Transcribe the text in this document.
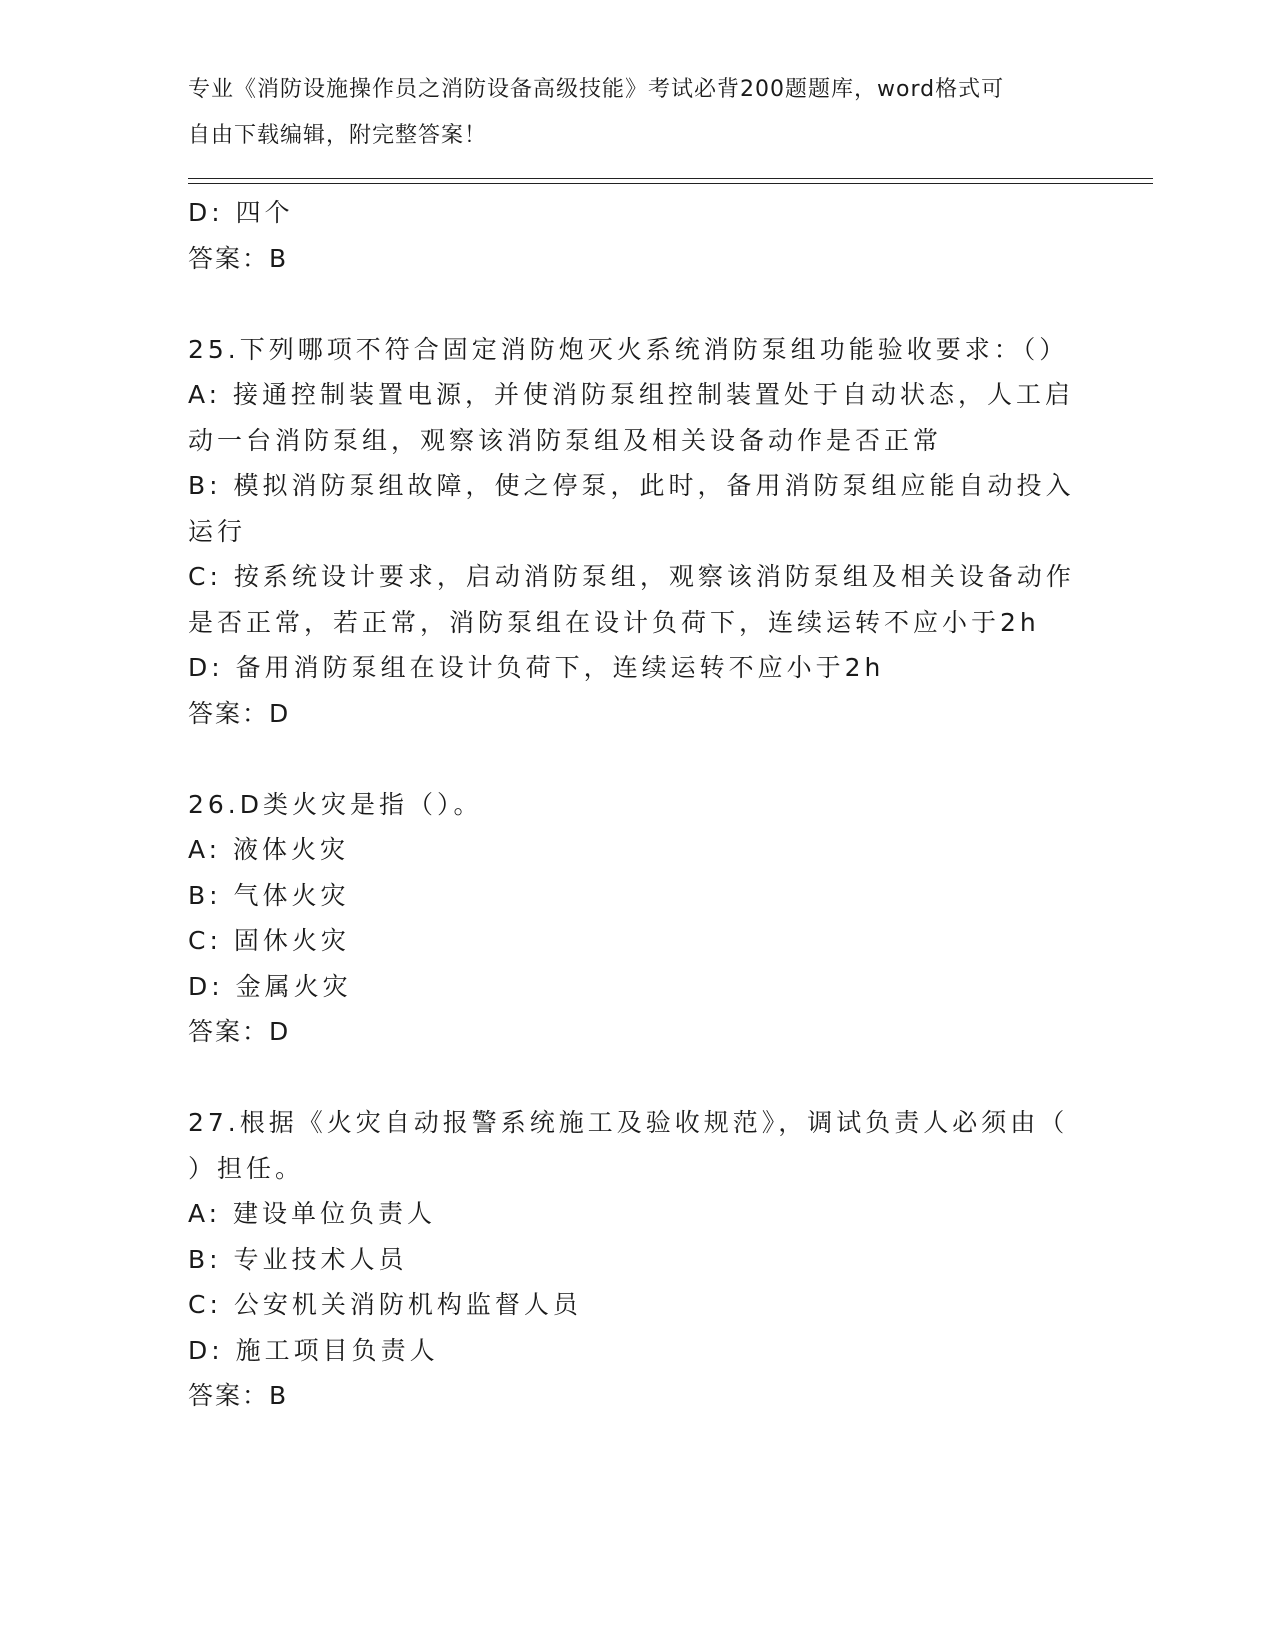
专业《消防设施操作员之消防设备高级技能》考试必背200题题库，word格式可
自由下载编辑，附完整答案！
D: 四个
答案：B
25.下列哪项不符合固定消防炮灭火系统消防泵组功能验收要求：（）
A: 接通控制装置电源，并使消防泵组控制装置处于自动状态，人工启
动一台消防泵组，观察该消防泵组及相关设备动作是否正常
B: 模拟消防泵组故障，使之停泵，此时，备用消防泵组应能自动投入
运行
C: 按系统设计要求，启动消防泵组，观察该消防泵组及相关设备动作
是否正常，若正常，消防泵组在设计负荷下，连续运转不应小于2h
D: 备用消防泵组在设计负荷下，连续运转不应小于2h
答案：D
26.D类火灾是指（）。
A: 液体火灾
B: 气体火灾
C: 固休火灾
D: 金属火灾
答案：D
27.根据《火灾自动报警系统施工及验收规范》，调试负责人必须由（
）担任。
A: 建设单位负责人
B: 专业技术人员
C: 公安机关消防机构监督人员
D: 施工项目负责人
答案：B
